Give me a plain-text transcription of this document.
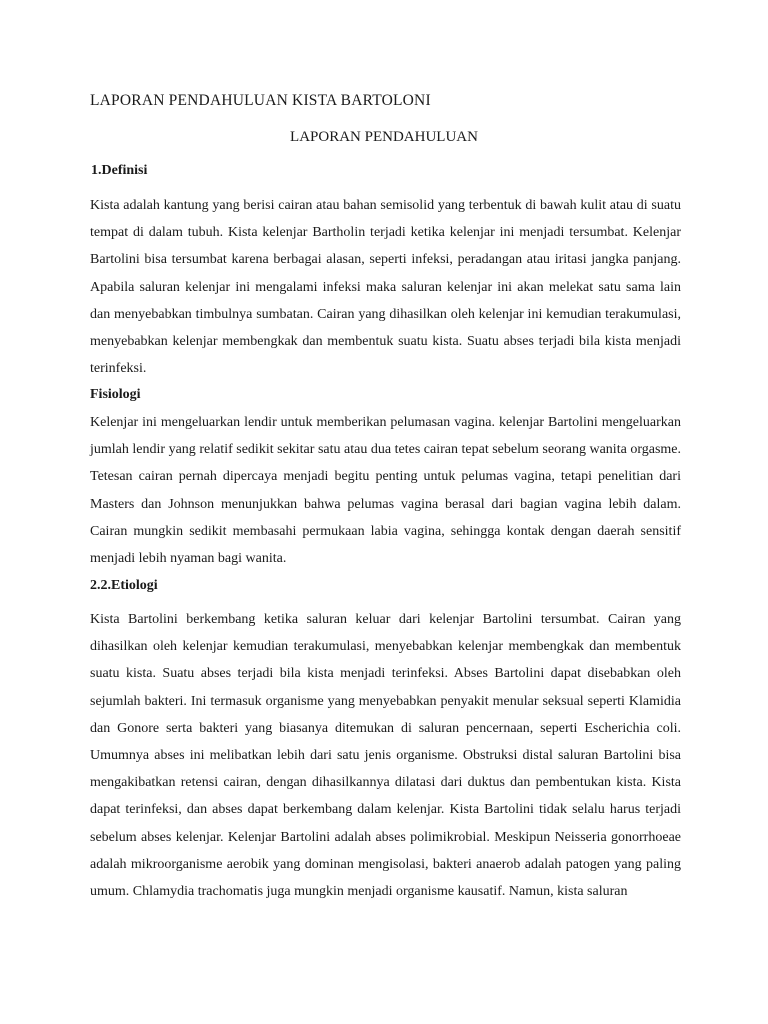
LAPORAN PENDAHULUAN KISTA BARTOLONI
LAPORAN PENDAHULUAN
1.Definisi

Kista adalah kantung yang berisi cairan atau bahan semisolid yang terbentuk di bawah kulit atau di suatu tempat di dalam tubuh. Kista kelenjar Bartholin terjadi ketika kelenjar ini menjadi tersumbat. Kelenjar Bartolini bisa tersumbat karena berbagai alasan, seperti infeksi, peradangan atau iritasi jangka panjang. Apabila saluran kelenjar ini mengalami infeksi maka saluran kelenjar ini akan melekat satu sama lain dan menyebabkan timbulnya sumbatan. Cairan yang dihasilkan oleh kelenjar ini kemudian terakumulasi, menyebabkan kelenjar membengkak dan membentuk suatu kista. Suatu abses terjadi bila kista menjadi terinfeksi.

Fisiologi

Kelenjar ini mengeluarkan lendir untuk memberikan pelumasan vagina. kelenjar Bartolini mengeluarkan jumlah lendir yang relatif sedikit sekitar satu atau dua tetes cairan tepat sebelum seorang wanita orgasme. Tetesan cairan pernah dipercaya menjadi begitu penting untuk pelumas vagina, tetapi penelitian dari Masters dan Johnson menunjukkan bahwa pelumas vagina berasal dari bagian vagina lebih dalam. Cairan mungkin sedikit membasahi permukaan labia vagina, sehingga kontak dengan daerah sensitif menjadi lebih nyaman bagi wanita.

2.2.Etiologi

Kista Bartolini berkembang ketika saluran keluar dari kelenjar Bartolini tersumbat. Cairan yang dihasilkan oleh kelenjar kemudian terakumulasi, menyebabkan kelenjar membengkak dan membentuk suatu kista. Suatu abses terjadi bila kista menjadi terinfeksi. Abses Bartolini dapat disebabkan oleh sejumlah bakteri. Ini termasuk organisme yang menyebabkan penyakit menular seksual seperti Klamidia dan Gonore serta bakteri yang biasanya ditemukan di saluran pencernaan, seperti Escherichia coli. Umumnya abses ini melibatkan lebih dari satu jenis organisme. Obstruksi distal saluran Bartolini bisa mengakibatkan retensi cairan, dengan dihasilkannya dilatasi dari duktus dan pembentukan kista. Kista dapat terinfeksi, dan abses dapat berkembang dalam kelenjar. Kista Bartolini tidak selalu harus terjadi sebelum abses kelenjar. Kelenjar Bartolini adalah abses polimikrobial. Meskipun Neisseria gonorrhoeae adalah mikroorganisme aerobik yang dominan mengisolasi, bakteri anaerob adalah patogen yang paling umum. Chlamydia trachomatis juga mungkin menjadi organisme kausatif. Namun, kista saluran
